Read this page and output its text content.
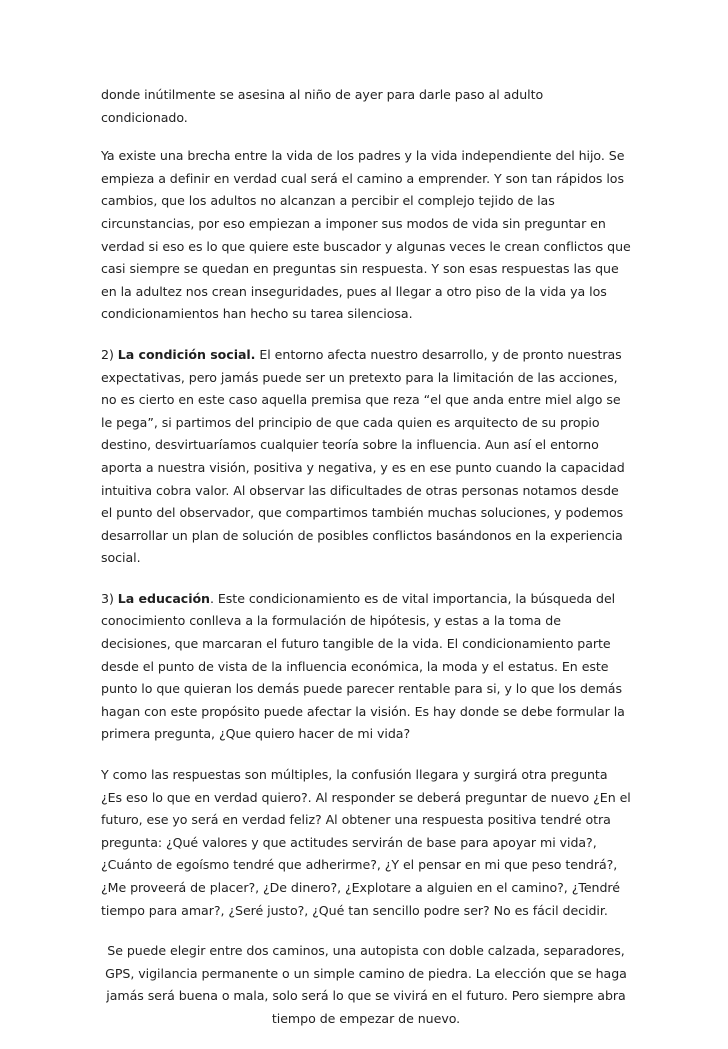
donde inútilmente se asesina al niño de ayer para darle paso al adulto condicionado.

Ya existe una brecha entre la vida de los padres y la vida independiente del hijo. Se empieza a definir en verdad cual será el camino a emprender. Y son tan rápidos los cambios, que los adultos no alcanzan a percibir el complejo tejido de las circunstancias, por eso empiezan a imponer sus modos de vida sin preguntar en verdad si eso es lo que quiere este buscador y algunas veces le crean conflictos que casi siempre se quedan en preguntas sin respuesta. Y son esas respuestas las que en la adultez nos crean inseguridades, pues al llegar a otro piso de la vida ya los condicionamientos han hecho su tarea silenciosa.

2) La condición social. El entorno afecta nuestro desarrollo, y de pronto nuestras expectativas, pero jamás puede ser un pretexto para la limitación de las acciones, no es cierto en este caso aquella premisa que reza “el que anda entre miel algo se le pega”, si partimos del principio de que cada quien es arquitecto de su propio destino, desvirtuaríamos cualquier teoría sobre la influencia. Aun así el entorno aporta a nuestra visión, positiva y negativa, y es en ese punto cuando la capacidad intuitiva cobra valor. Al observar las dificultades de otras personas notamos desde el punto del observador, que compartimos también muchas soluciones, y podemos desarrollar un plan de solución de posibles conflictos basándonos en la experiencia social.

3) La educación. Este condicionamiento es de vital importancia, la búsqueda del conocimiento conlleva a la formulación de hipótesis, y estas a la toma de decisiones, que marcaran el futuro tangible de la vida. El condicionamiento parte desde el punto de vista de la influencia económica, la moda y el estatus. En este punto lo que quieran los demás puede parecer rentable para si, y lo que los demás hagan con este propósito puede afectar la visión. Es hay donde se debe formular la primera pregunta, ¿Que quiero hacer de mi vida?

Y como las respuestas son múltiples, la confusión llegara y surgirá otra pregunta ¿Es eso lo que en verdad quiero?. Al responder se deberá preguntar de nuevo ¿En el futuro, ese yo será en verdad feliz? Al obtener una respuesta positiva tendré otra pregunta: ¿Qué valores y que actitudes servirán de base para apoyar mi vida?, ¿Cuánto de egoísmo tendré que adherirme?, ¿Y el pensar en mi que peso tendrá?, ¿Me proveerá de placer?, ¿De dinero?, ¿Explotare a alguien en el camino?, ¿Tendré tiempo para amar?, ¿Seré justo?, ¿Qué tan sencillo podre ser? No es fácil decidir.

Se puede elegir entre dos caminos, una autopista con doble calzada, separadores, GPS, vigilancia permanente o un simple camino de piedra. La elección que se haga jamás será buena o mala, solo será lo que se vivirá en el futuro. Pero siempre abra tiempo de empezar de nuevo.
